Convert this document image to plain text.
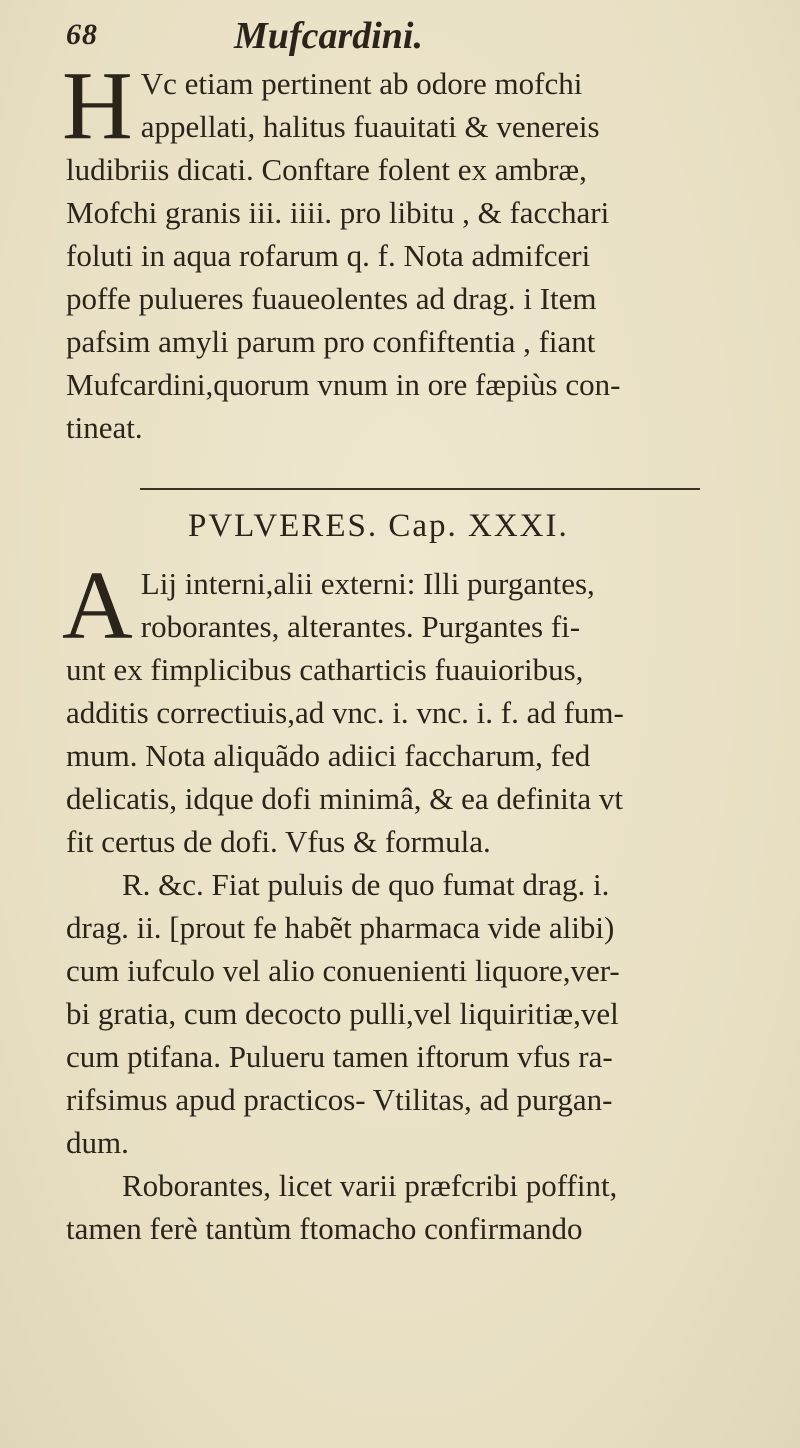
68	Mufcardini.
H Vc etiam pertinent ab odore mofchi
appellati, halitus fuauitati & venereis
ludibriis dicati. Conftare folent ex ambræ,
Mofchi granis iii. iiii. pro libitu , & facchari
foluti in aqua rofarum q. f. Nota admifceri
poffe pulueres fuaueolentes ad drag. i Item
pafsim amyli parum pro confiftentia , fiant
Mufcardini,quorum vnum in ore fæpiùs con-
tineat.
PVLVERES. Cap. XXXI.
A Lij interni,alii externi: Illi purgantes,
roborantes, alterantes. Purgantes fi-
unt ex fimplicibus catharticis fuauioribus,
additis correctiuis,ad vnc. i. vnc. i. f. ad fum-
mum. Nota aliquãdo adiici faccharum, fed
delicatis, idque dofi minimâ, & ea definita vt
fit certus de dofi. Vfus & formula.
R. &c. Fiat puluis de quo fumat drag. i.
drag. ii. [prout fe habẽt pharmaca vide alibi)
cum iufculo vel alio conuenienti liquore,ver-
bi gratia, cum decocto pulli,vel liquiritiæ,vel
cum ptifana. Pulueru tamen iftorum vfus ra-
rifsimus apud practicos- Vtilitas, ad purgan-
dum.
Roborantes, licet varii præfcribi poffint,
tamen ferè tantùm ftomacho confirmando
